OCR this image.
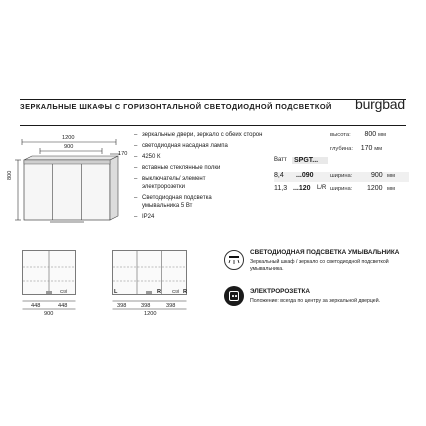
ЗЕРКАЛЬНЫЕ ШКАФЫ С ГОРИЗОНТАЛЬНОЙ СВЕТОДИОДНОЙ ПОДСВЕТКОЙ burgbad
1200
900
170
800
– зеркальные двери, зеркало с обеих сторон
– светодиодная насадная лампа
– 4250 К
– вставные стеклянные полки
– выключатель/ элемент
электророзетки
– Светодиодная подсветка
умывальника 5 Вт
– IP24
высота: 800 мм
глубина: 170 мм
Ватт SPGT...
8,4 ...090	ширина:	900 мм
11,3 ...120 L/R ширина: 1200 мм
Ctrl
448	448
900
L	R Ctrl R
398	398	398
1200
СВЕТОДИОДНАЯ ПОДСВЕТКА УМЫВАЛЬНИКА
Зеркальный шкаф / зеркало со светодиодной подсветкой
умывальника.
ЭЛЕКТРОРОЗЕТКА
Положение: всегда по центру за зеркальной дверцей.
